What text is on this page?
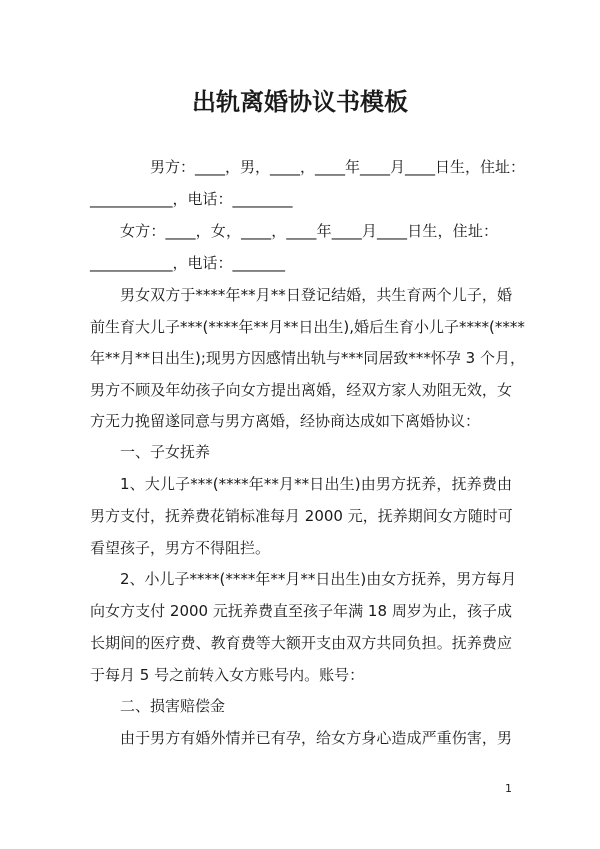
出轨离婚协议书模板
男方：____，男，____，____年____月____日生，住址：
___________，电话：________
女方：____，女，____，____年____月____日生，住址：
___________，电话：_______
男女双方于****年**月**日登记结婚，共生育两个儿子，婚
前生育大儿子***(****年**月**日出生),婚后生育小儿子****(****
年**月**日出生);现男方因感情出轨与***同居致***怀孕 3 个月，
男方不顾及年幼孩子向女方提出离婚，经双方家人劝阻无效，女
方无力挽留遂同意与男方离婚，经协商达成如下离婚协议：
一、子女抚养
1、大儿子***(****年**月**日出生)由男方抚养，抚养费由
男方支付，抚养费花销标准每月 2000 元，抚养期间女方随时可
看望孩子，男方不得阻拦。
2、小儿子****(****年**月**日出生)由女方抚养，男方每月
向女方支付 2000 元抚养费直至孩子年满 18 周岁为止，孩子成
长期间的医疗费、教育费等大额开支由双方共同负担。抚养费应
于每月 5 号之前转入女方账号内。账号：
二、损害赔偿金
由于男方有婚外情并已有孕，给女方身心造成严重伤害，男
1
